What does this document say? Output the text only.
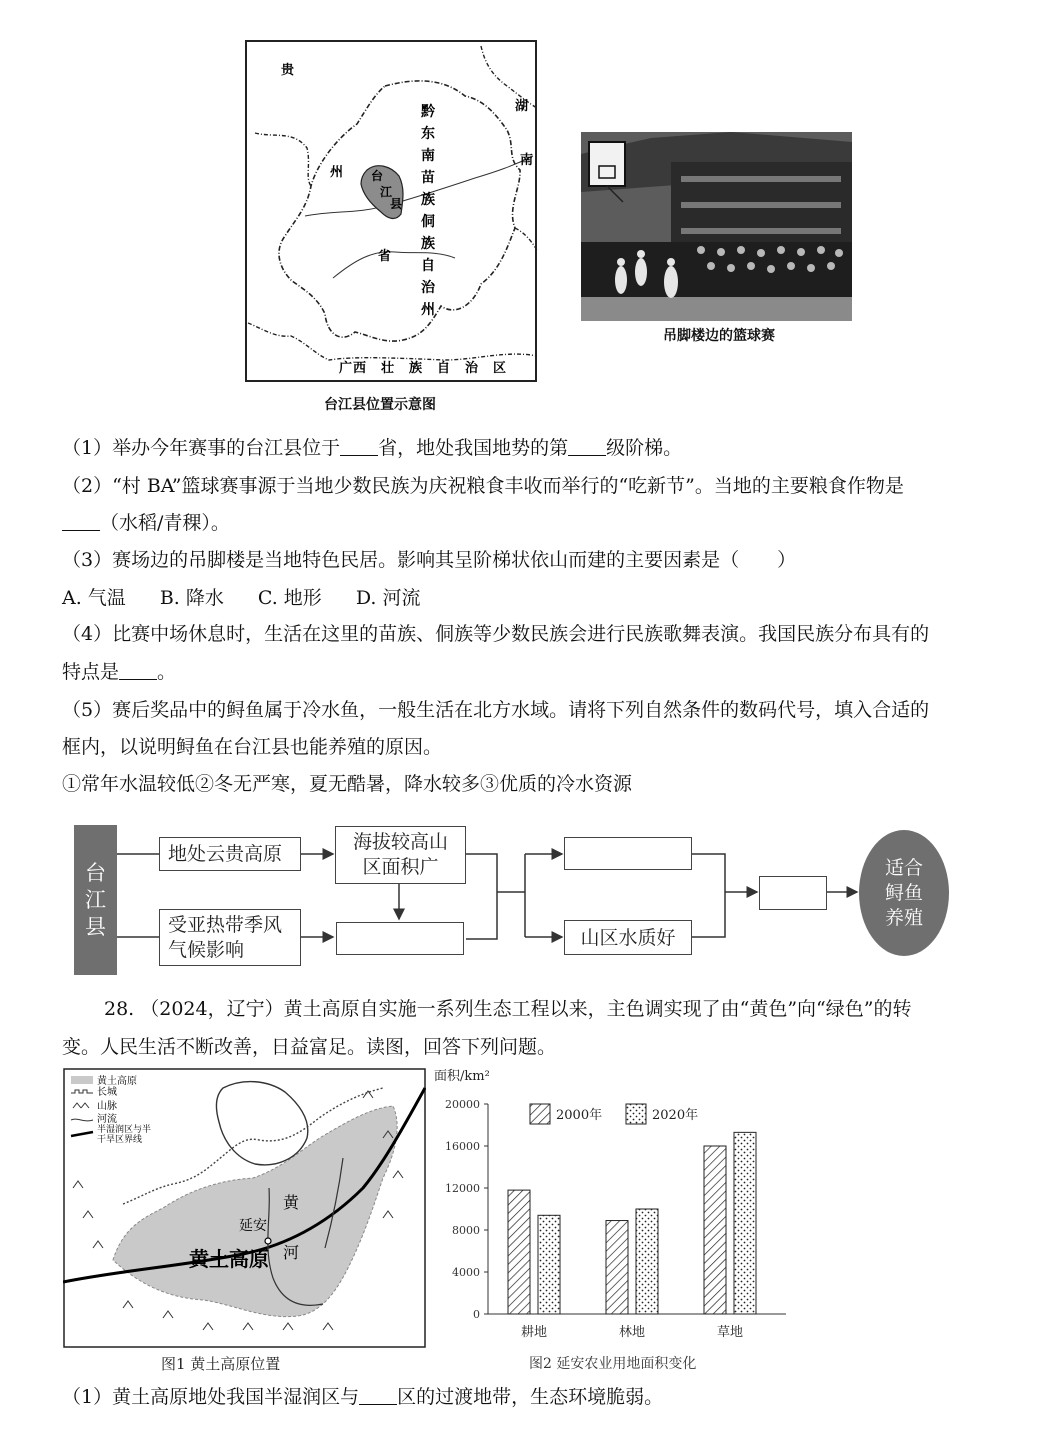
台
江
县
贵
州
省
湖
南
黔东南苗族侗族自治州
广西 壮 族 自 治 区
台江县位置示意图
吊脚楼边的篮球赛
（1）举办今年赛事的台江县位于 省，地处我国地势的第 级阶梯。
（2）“村 BA”篮球赛事源于当地少数民族为庆祝粮食丰收而举行的“吃新节”。当地的主要粮食作物是
（水稻/青稞）。
（3）赛场边的吊脚楼是当地特色民居。影响其呈阶梯状依山而建的主要因素是（　　）
A. 气温 B. 降水 C. 地形 D. 河流
（4）比赛中场休息时，生活在这里的苗族、侗族等少数民族会进行民族歌舞表演。我国民族分布具有的
特点是 。
（5）赛后奖品中的鲟鱼属于冷水鱼，一般生活在北方水域。请将下列自然条件的数码代号，填入合适的
框内，以说明鲟鱼在台江县也能养殖的原因。
①常年水温较低②冬无严寒，夏无酷暑，降水较多③优质的冷水资源
台江县
地处云贵高原
受亚热带季风气候影响
海拔较高山区面积广
山区水质好
适合鲟鱼养殖
28. （2024，辽宁）黄土高原自实施一系列生态工程以来，主色调实现了由“黄色”向“绿色”的转
变。人民生活不断改善，日益富足。读图，回答下列问题。
黄土高原
长城
山脉
河流
半湿润区与半干旱区界线
黄土高原
延安
黄
河
图1 黄土高原位置
面积/km²
0
4000
8000
12000
16000
20000
耕地	林地	草地
2000年	2020年
图2 延安农业用地面积变化
（1）黄土高原地处我国半湿润区与 区的过渡地带，生态环境脆弱。
